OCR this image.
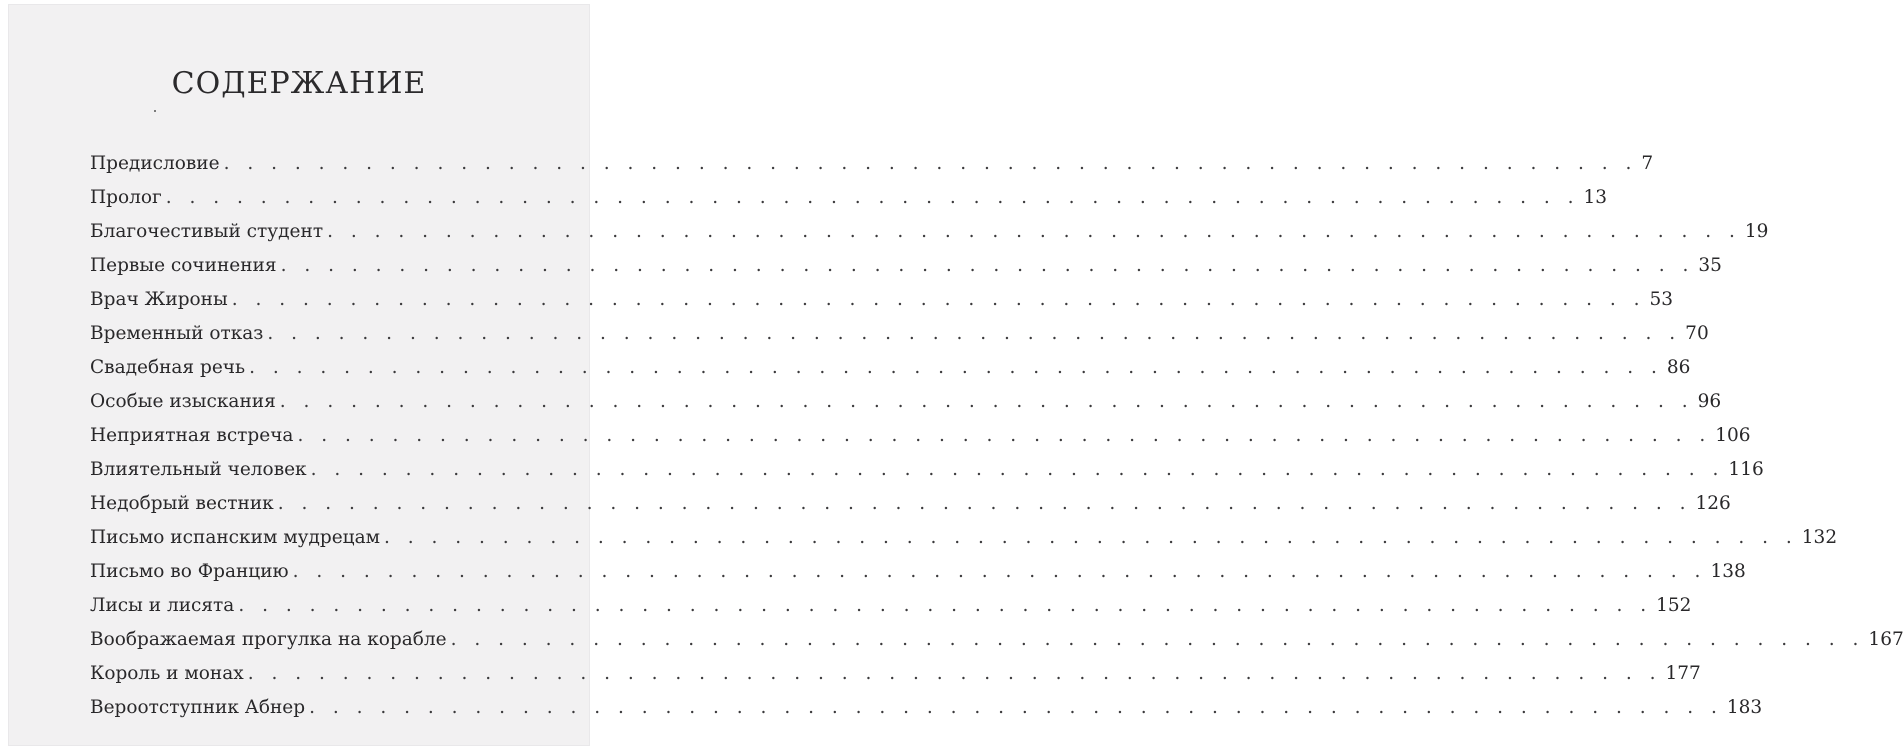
СОДЕРЖАНИЕ
Предисловие . . . . . . . . . . . . . . . . . . . . . . . . . . . . . . . . . . . . . . . . . . . . . . . . . . . . . . . . . . . . 7
Пролог . . . . . . . . . . . . . . . . . . . . . . . . . . . . . . . . . . . . . . . . . . . . . . . . . . . . . . . . . . . . 13
Благочестивый студент . . . . . . . . . . . . . . . . . . . . . . . . . . . . . . . . . . . . . . . . . . . . . . . . . . . . . . . . . . . . 19
Первые сочинения . . . . . . . . . . . . . . . . . . . . . . . . . . . . . . . . . . . . . . . . . . . . . . . . . . . . . . . . . . . . 35
Врач Жироны . . . . . . . . . . . . . . . . . . . . . . . . . . . . . . . . . . . . . . . . . . . . . . . . . . . . . . . . . . . . 53
Временный отказ . . . . . . . . . . . . . . . . . . . . . . . . . . . . . . . . . . . . . . . . . . . . . . . . . . . . . . . . . . . . 70
Свадебная речь . . . . . . . . . . . . . . . . . . . . . . . . . . . . . . . . . . . . . . . . . . . . . . . . . . . . . . . . . . . . 86
Особые изыскания . . . . . . . . . . . . . . . . . . . . . . . . . . . . . . . . . . . . . . . . . . . . . . . . . . . . . . . . . . . . 96
Неприятная встреча . . . . . . . . . . . . . . . . . . . . . . . . . . . . . . . . . . . . . . . . . . . . . . . . . . . . . . . . . . . . 106
Влиятельный человек . . . . . . . . . . . . . . . . . . . . . . . . . . . . . . . . . . . . . . . . . . . . . . . . . . . . . . . . . . . . 116
Недобрый вестник . . . . . . . . . . . . . . . . . . . . . . . . . . . . . . . . . . . . . . . . . . . . . . . . . . . . . . . . . . . . 126
Письмо испанским мудрецам . . . . . . . . . . . . . . . . . . . . . . . . . . . . . . . . . . . . . . . . . . . . . . . . . . . . . . . . . . . . 132
Письмо во Францию . . . . . . . . . . . . . . . . . . . . . . . . . . . . . . . . . . . . . . . . . . . . . . . . . . . . . . . . . . . . 138
Лисы и лисята . . . . . . . . . . . . . . . . . . . . . . . . . . . . . . . . . . . . . . . . . . . . . . . . . . . . . . . . . . . . 152
Воображаемая прогулка на корабле . . . . . . . . . . . . . . . . . . . . . . . . . . . . . . . . . . . . . . . . . . . . . . . . . . . . . . . . . . . . 167
Король и монах . . . . . . . . . . . . . . . . . . . . . . . . . . . . . . . . . . . . . . . . . . . . . . . . . . . . . . . . . . . . 177
Вероотступник Абнер . . . . . . . . . . . . . . . . . . . . . . . . . . . . . . . . . . . . . . . . . . . . . . . . . . . . . . . . . . . . 183
